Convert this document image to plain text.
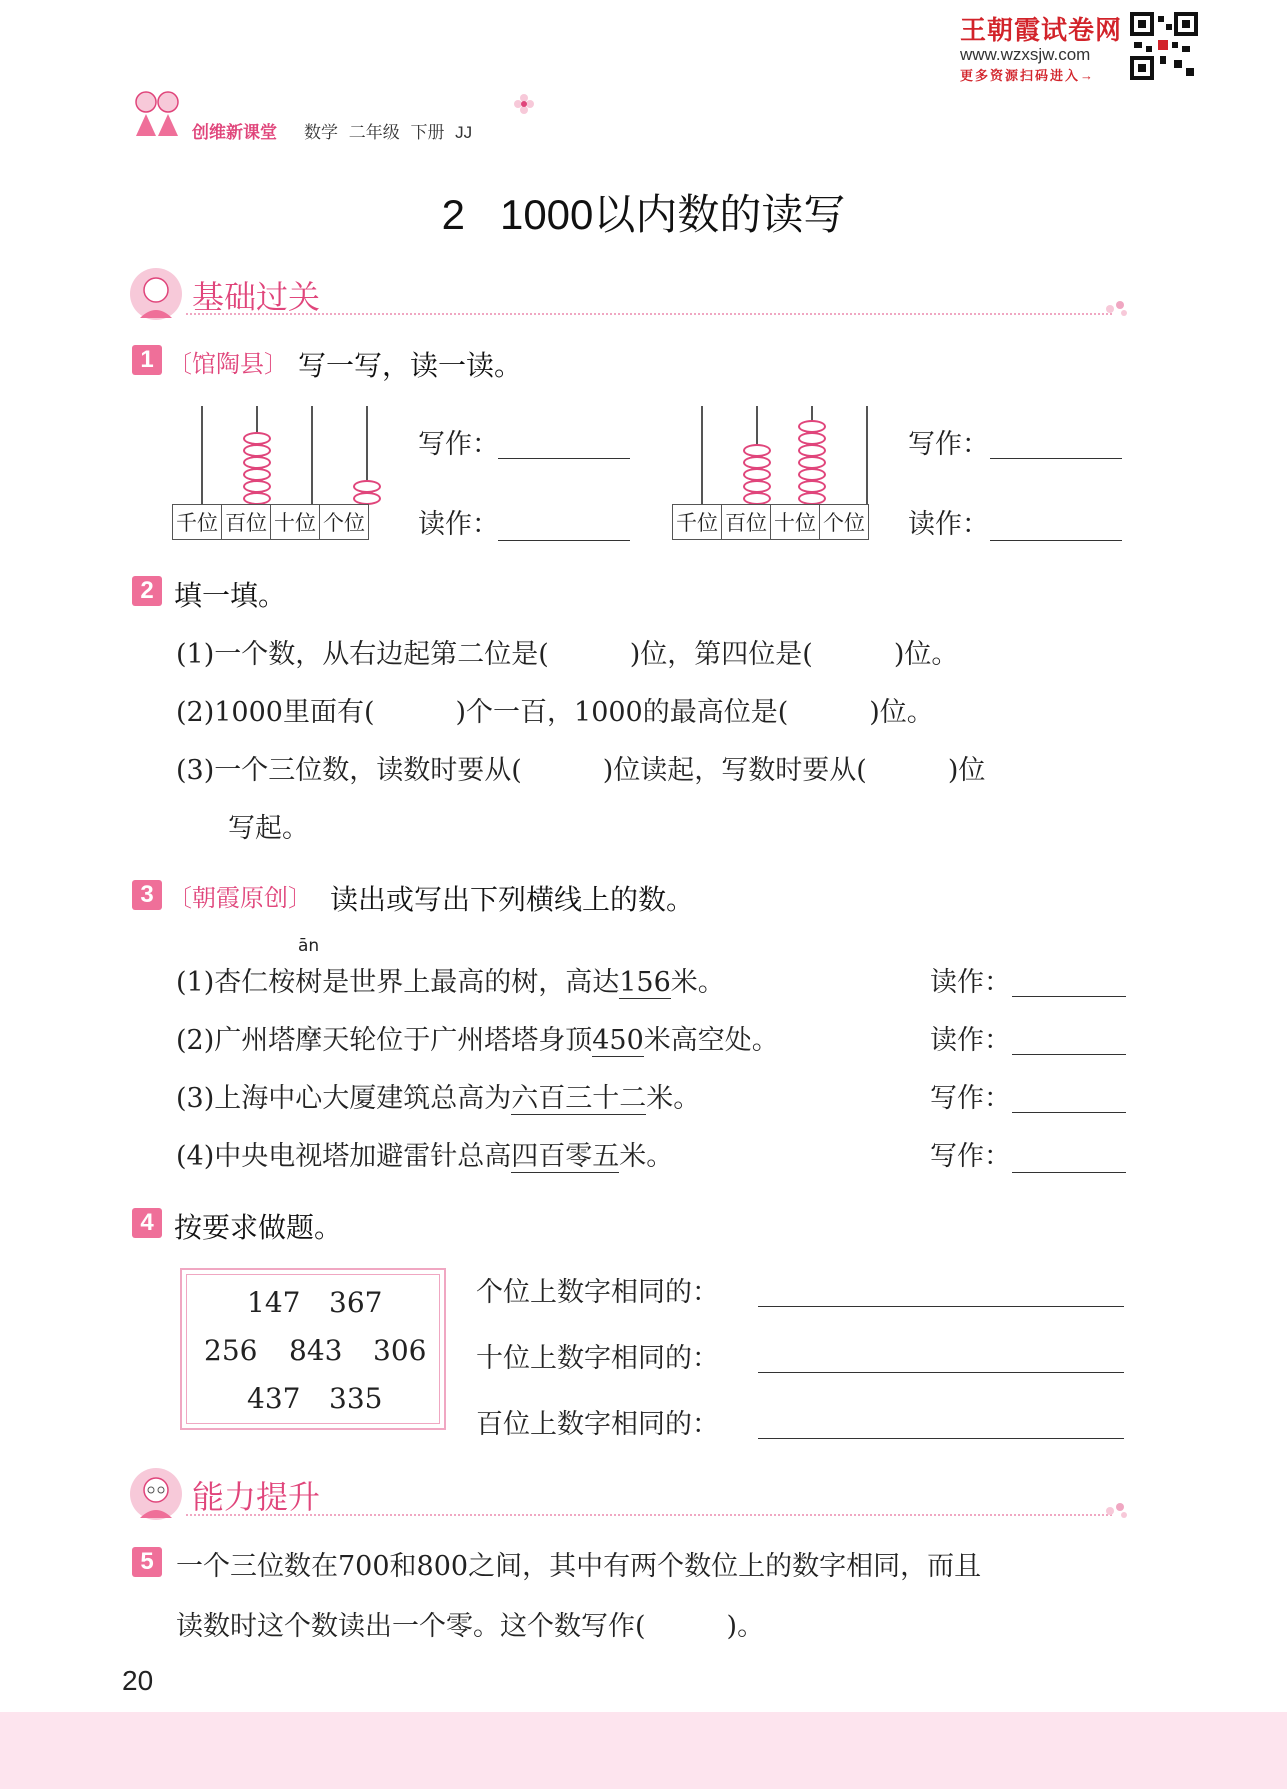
王朝霞试卷网
www.wzxsjw.com
更多资源扫码进入→
创维新课堂 数学 二年级 下册 JJ
2   1000以内数的读写
基础过关
1 〔馆陶县〕 写一写，读一读。
千位	百位	十位	个位
写作：
读作：	千位	百位	十位	个位
写作：
读作：
2 填一填。
(1)一个数，从右边起第二位是(　　　)位，第四位是(　　　)位。
(2)1000里面有(　　　)个一百，1000的最高位是(　　　)位。
(3)一个三位数，读数时要从(　　　)位读起，写数时要从(　　　)位
写起。
3 〔朝霞原创〕 读出或写出下列横线上的数。
ān
(1)杏仁桉树是世界上最高的树，高达156米。	读作：
(2)广州塔摩天轮位于广州塔塔身顶450米高空处。	读作：
(3)上海中心大厦建筑总高为六百三十二米。	写作：
(4)中央电视塔加避雷针总高四百零五米。	写作：
4 按要求做题。
147 367
256 843 306
437 335
个位上数字相同的：
十位上数字相同的：
百位上数字相同的：
能力提升
5 一个三位数在700和800之间，其中有两个数位上的数字相同，而且
读数时这个数读出一个零。这个数写作(　　　)。
20
